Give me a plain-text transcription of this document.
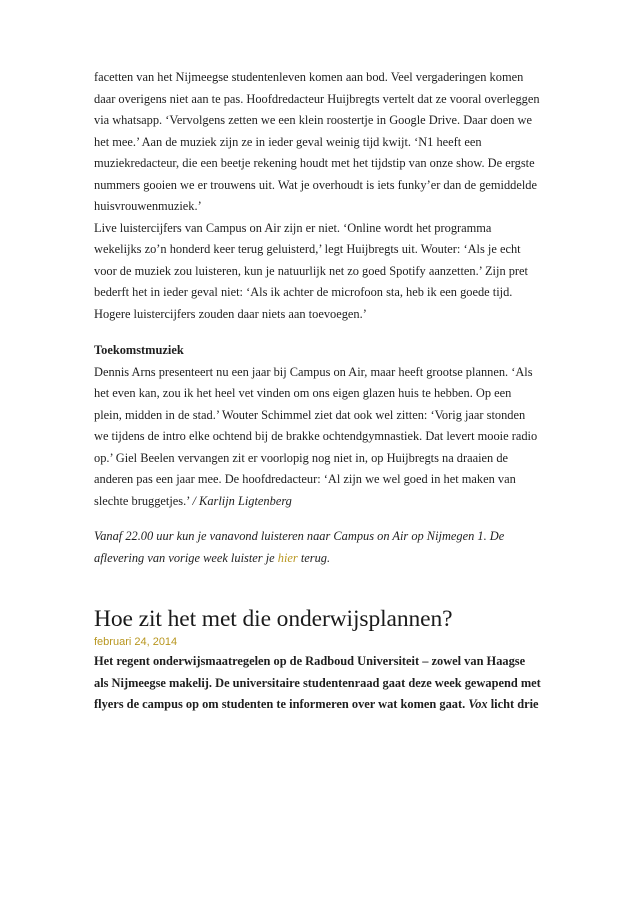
facetten van het Nijmeegse studentenleven komen aan bod. Veel vergaderingen komen
daar overigens niet aan te pas. Hoofdredacteur Huijbregts vertelt dat ze vooral overleggen
via whatsapp. ‘Vervolgens zetten we een klein roostertje in Google Drive. Daar doen we
het mee.’ Aan de muziek zijn ze in ieder geval weinig tijd kwijt. ‘N1 heeft een
muziekredacteur, die een beetje rekening houdt met het tijdstip van onze show. De ergste
nummers gooien we er trouwens uit. Wat je overhoudt is iets funky’er dan de gemiddelde
huisvrouwenmuziek.’
Live luistercijfers van Campus on Air zijn er niet. ‘Online wordt het programma
wekelijks zo’n honderd keer terug geluisterd,’ legt Huijbregts uit. Wouter: ‘Als je echt
voor de muziek zou luisteren, kun je natuurlijk net zo goed Spotify aanzetten.’ Zijn pret
bederft het in ieder geval niet: ‘Als ik achter de microfoon sta, heb ik een goede tijd.
Hogere luistercijfers zouden daar niets aan toevoegen.’
Toekomstmuziek
Dennis Arns presenteert nu een jaar bij Campus on Air, maar heeft grootse plannen. ‘Als
het even kan, zou ik het heel vet vinden om ons eigen glazen huis te hebben. Op een
plein, midden in de stad.’ Wouter Schimmel ziet dat ook wel zitten: ‘Vorig jaar stonden
we tijdens de intro elke ochtend bij de brakke ochtendgymnastiek. Dat levert mooie radio
op.’ Giel Beelen vervangen zit er voorlopig nog niet in, op Huijbregts na draaien de
anderen pas een jaar mee. De hoofdredacteur: ‘Al zijn we wel goed in het maken van
slechte bruggetjes.’ / Karlijn Ligtenberg
Vanaf 22.00 uur kun je vanavond luisteren naar Campus on Air op Nijmegen 1. De
aflevering van vorige week luister je hier terug.
Hoe zit het met die onderwijsplannen?
februari 24, 2014
Het regent onderwijsmaatregelen op de Radboud Universiteit – zowel van Haagse
als Nijmeegse makelij. De universitaire studentenraad gaat deze week gewapend met
flyers de campus op om studenten te informeren over wat komen gaat. Vox licht drie
